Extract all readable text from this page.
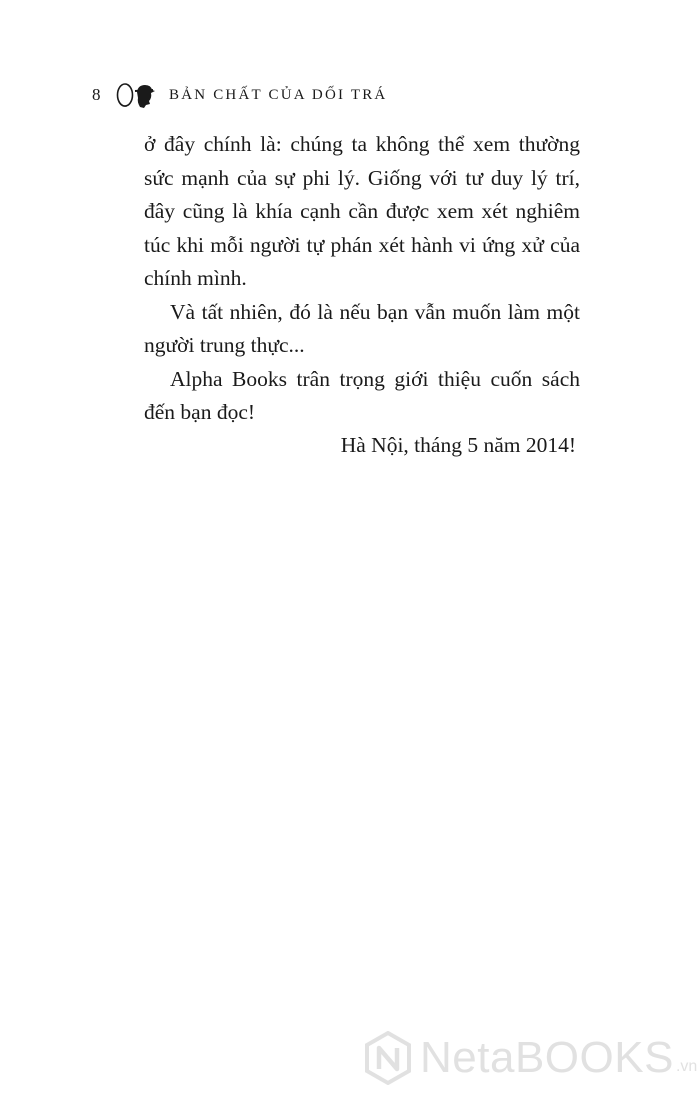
8	BẢN CHẤT CỦA DỐI TRÁ
ở đây chính là: chúng ta không thể xem thường
sức mạnh của sự phi lý. Giống với tư duy lý trí,
đây cũng là khía cạnh cần được xem xét nghiêm
túc khi mỗi người tự phán xét hành vi ứng xử của
chính mình.
Và tất nhiên, đó là nếu bạn vẫn muốn làm một
người trung thực...
Alpha Books trân trọng giới thiệu cuốn sách
đến bạn đọc!
Hà Nội, tháng 5 năm 2014!
NetaBOOKS .vn
